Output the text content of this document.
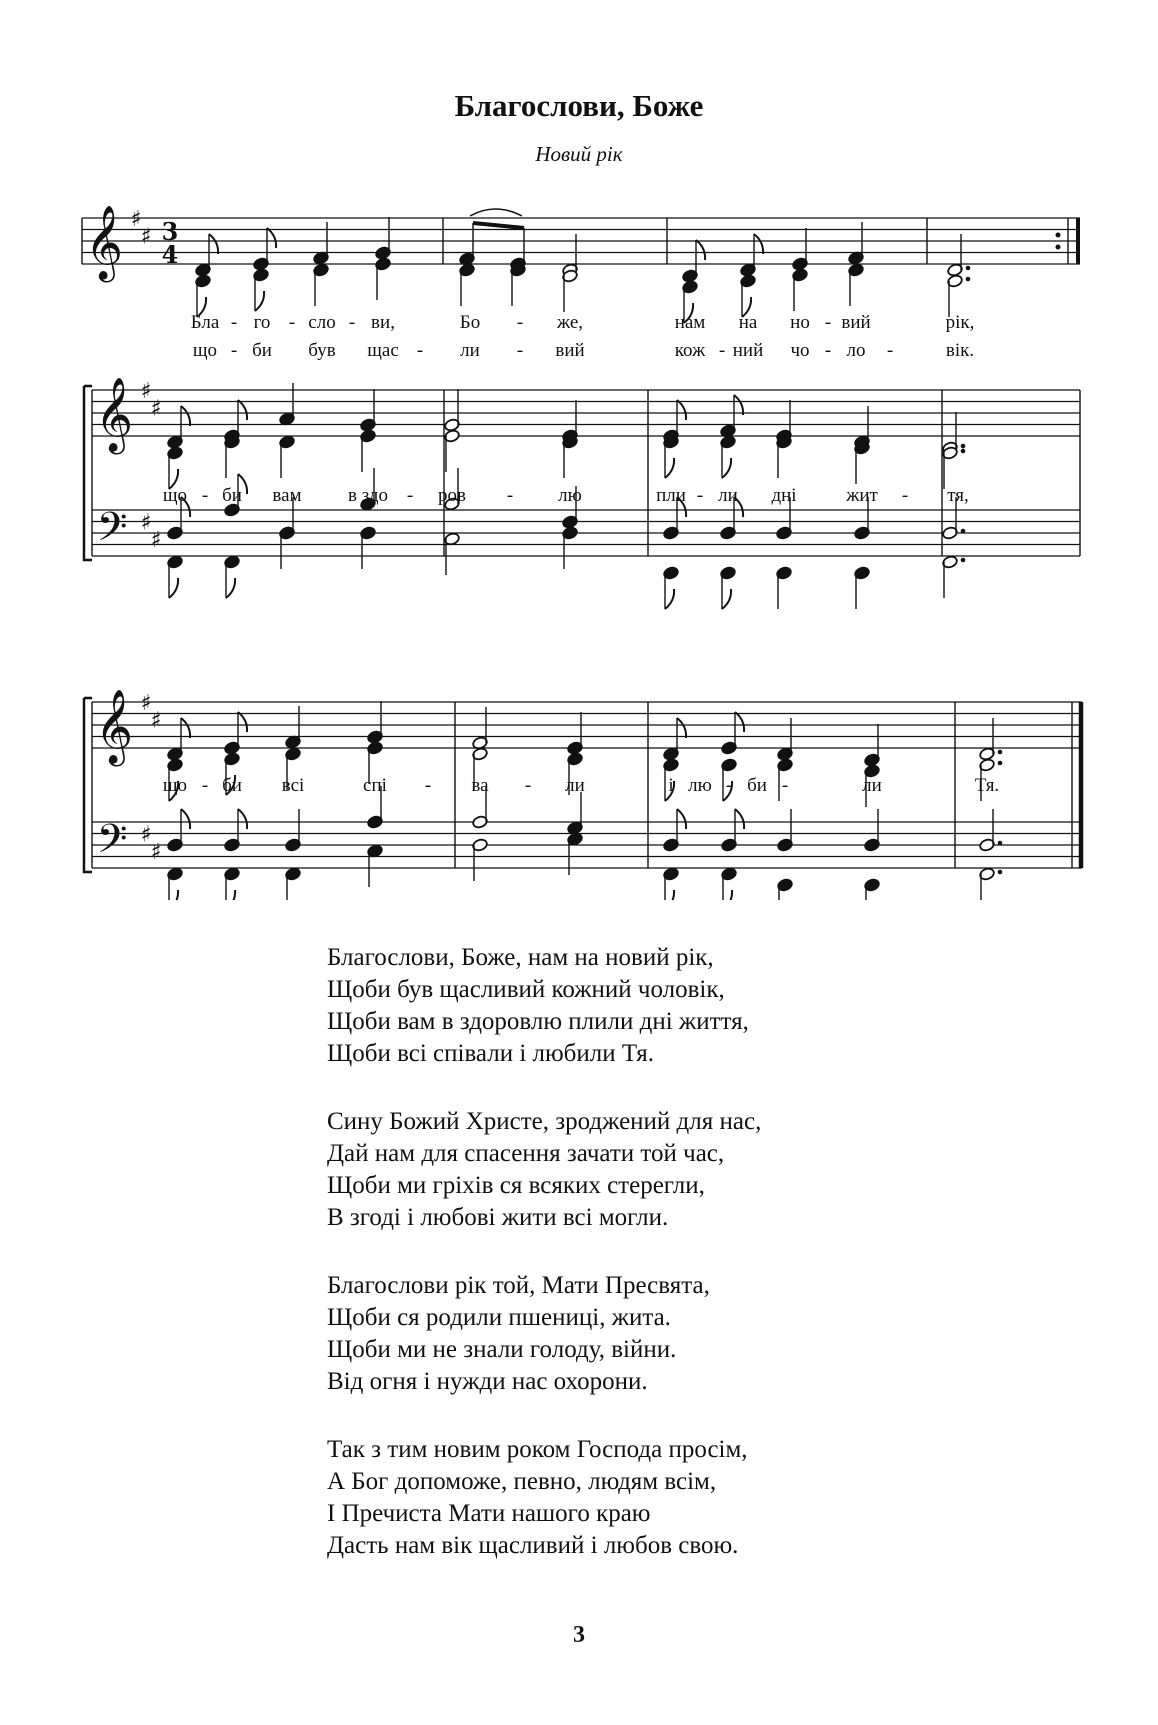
Благослови, Боже
Новий рік
𝄞 ♯
♯ 3
4
𝄞 ♯
♯
𝄢 ♯
♯
𝄞 ♯
♯
𝄢 ♯
♯
Бла - го - сло - ви,	Бо - же,	нам на но - вий	рік,
що - би був щас - ли - вий	кож - ний чо - ло -	вік.
що - би вам в здо - ров - лю	пли - ли дні	жит - тя,
що - би всі	спі - ва - ли	і лю - би -	ли	Тя.
Благослови, Боже, нам на новий рік,
Щоби був щасливий кожний чоловік,
Щоби вам в здоровлю плили дні життя,
Щоби всі співали і любили Тя.
Сину Божий Христе, зроджений для нас,
Дай нам для спасення зачати той час,
Щоби ми гріхів ся всяких стерегли,
В згоді і любові жити всі могли.
Благослови рік той, Мати Пресвята,
Щоби ся родили пшениці, жита.
Щоби ми не знали голоду, війни.
Від огня і нужди нас охорони.
Так з тим новим роком Господа просім,
А Бог допоможе, певно, людям всім,
І Пречиста Мати нашого краю
Дасть нам вік щасливий і любов свою.
3
